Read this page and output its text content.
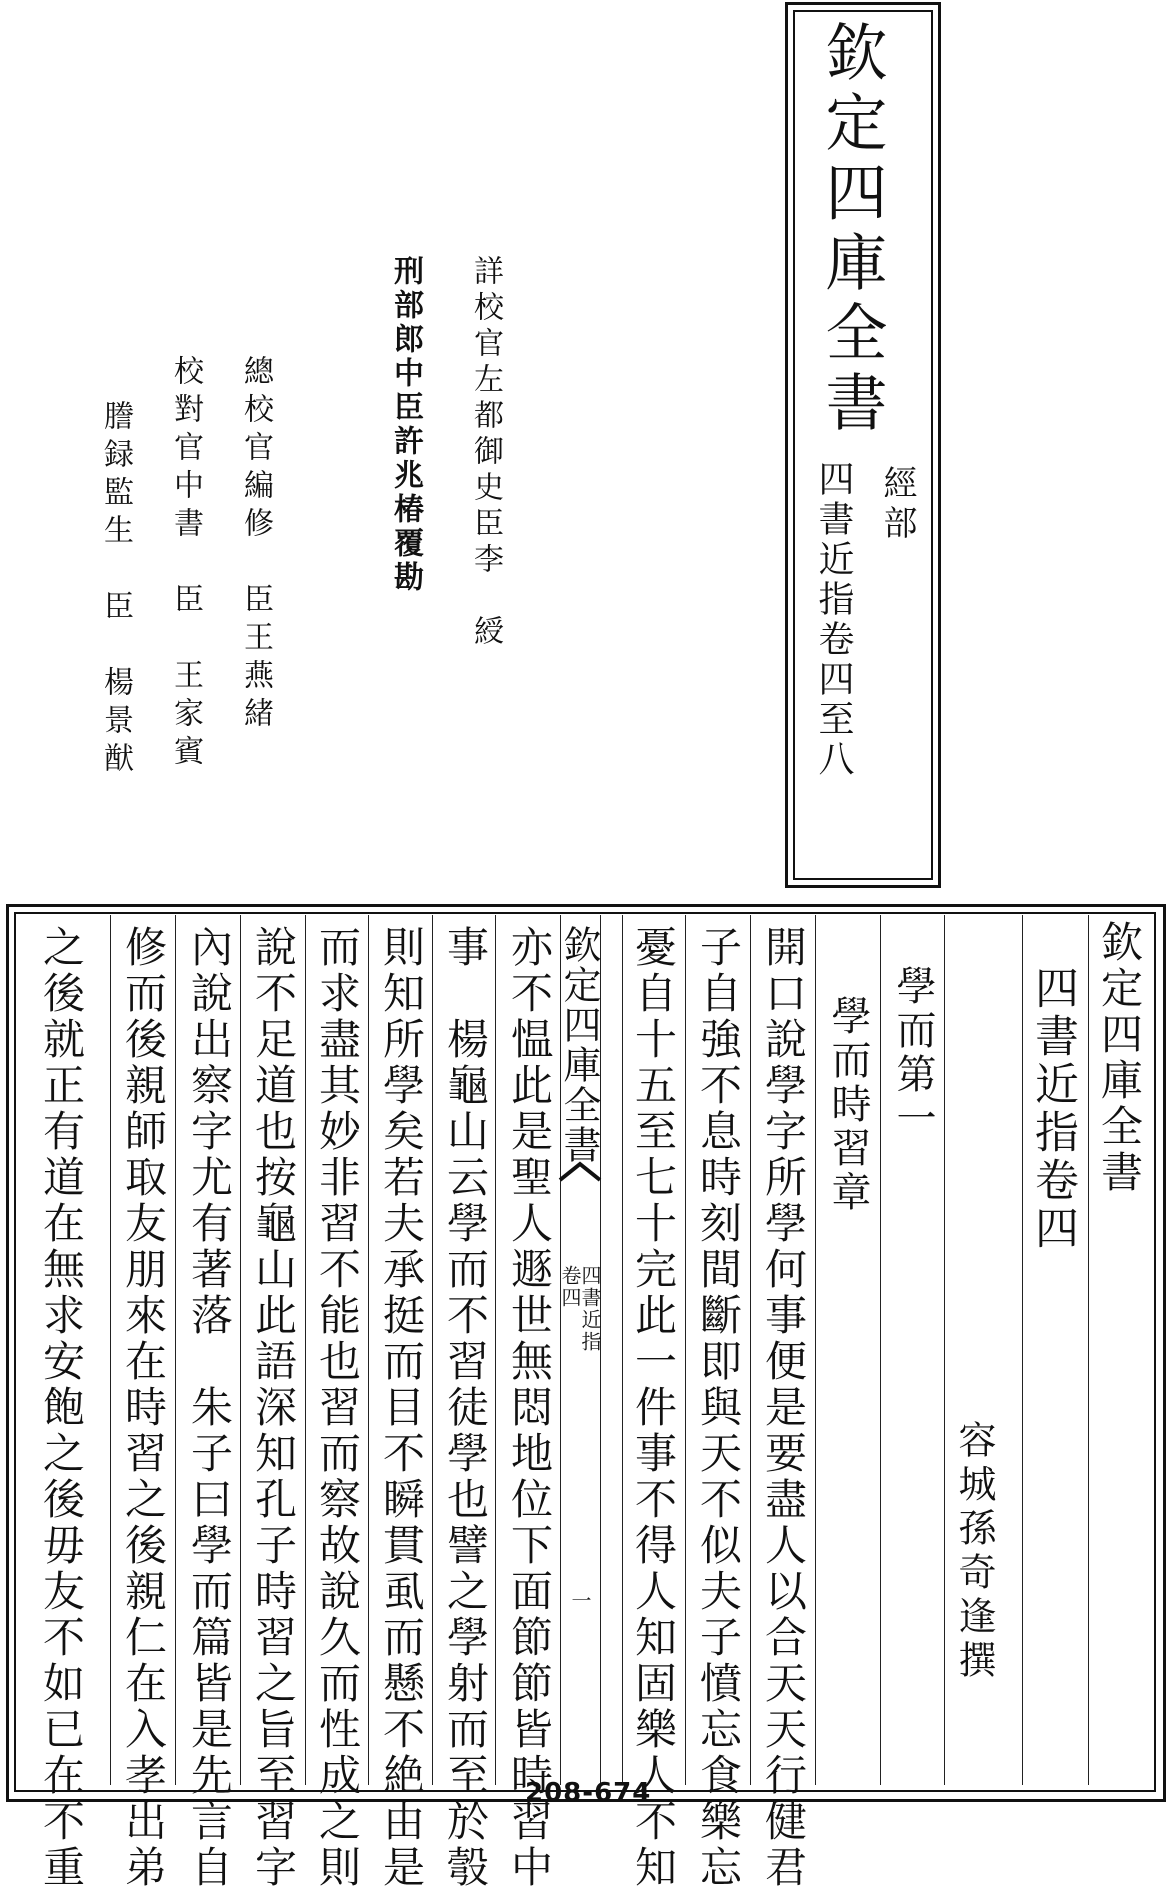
欽定四庫全書
經部
四書近指卷四至八
詳校官左都御史臣李　綬
刑部郎中臣許兆椿覆勘
總校官編修　臣王燕緒
校對官中書　臣　王家賓
謄録監生　臣　楊景猷
欽定四庫全書
四書近指卷四
容城孫奇逢撰
學而第一
學而時習章
開口說學字所學何事便是要盡人以合天天行健君
子自強不息時刻間斷即與天不似夫子憤忘食樂忘
憂自十五至七十完此一件事不得人知固樂人不知
欽定四庫全書
四書近指
卷四
一
亦不愠此是聖人遯世無悶地位下面節節皆時習中
事　楊龜山云學而不習徒學也譬之學射而至於彀
則知所學矣若夫承挺而目不瞬貫虱而懸不絶由是
而求盡其妙非習不能也習而察故說久而性成之則
說不足道也按龜山此語深知孔子時習之旨至習字
內說出察字尤有著落　朱子曰學而篇皆是先言自
修而後親師取友朋來在時習之後親仁在入孝出弟
之後就正有道在無求安飽之後毋友不如已在不重	208-674
